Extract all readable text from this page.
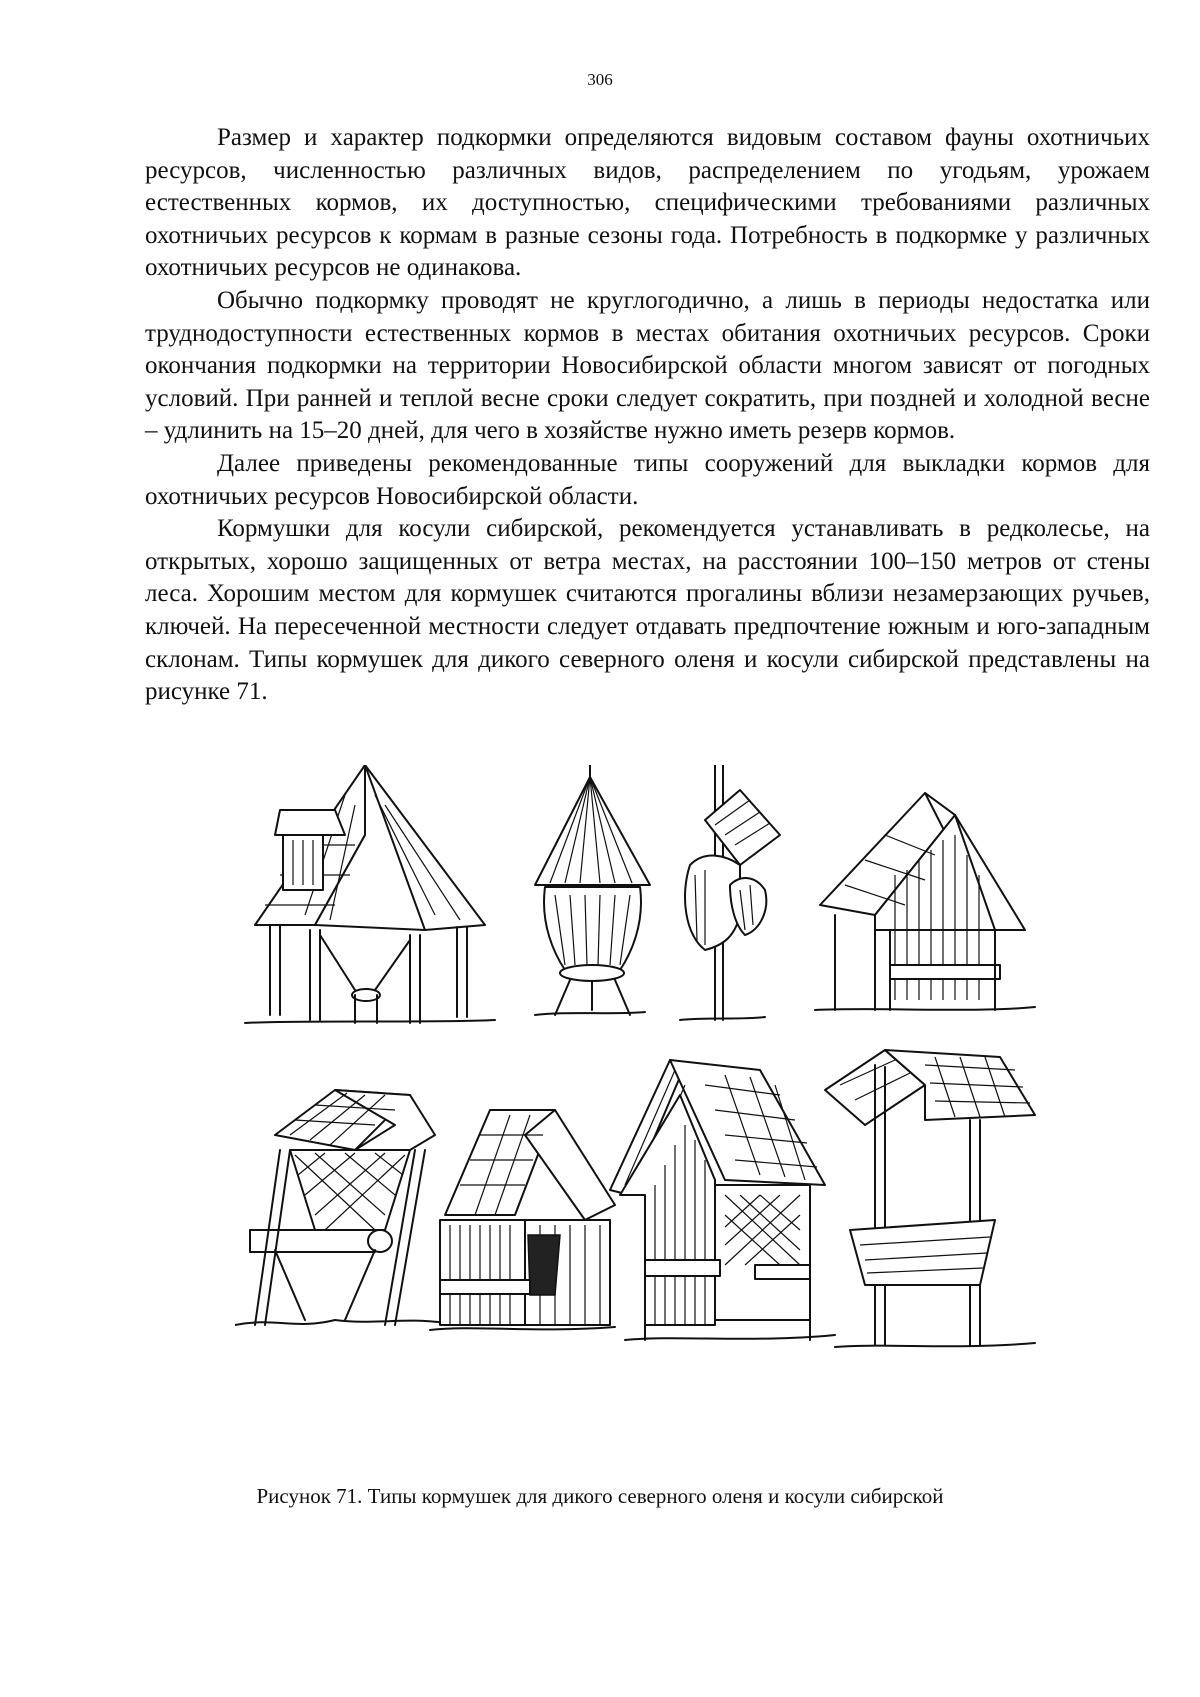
306

Размер и характер подкормки определяются видовым составом фауны охотничьих ресурсов, численностью различных видов, распределением по угодьям, урожаем естественных кормов, их доступностью, специфическими требованиями различных охотничьих ресурсов к кормам в разные сезоны года. Потребность в подкормке у различных охотничьих ресурсов не одинакова.

Обычно подкормку проводят не круглогодично, а лишь в периоды недостатка или труднодоступности естественных кормов в местах обитания охотничьих ресурсов. Сроки окончания подкормки на территории Новосибирской области многом зависят от погодных условий. При ранней и теплой весне сроки следует сократить, при поздней и холодной весне – удлинить на 15–20 дней, для чего в хозяйстве нужно иметь резерв кормов.

Далее приведены рекомендованные типы сооружений для выкладки кормов для охотничьих ресурсов Новосибирской области.

Кормушки для косули сибирской, рекомендуется устанавливать в редколесье, на открытых, хорошо защищенных от ветра местах, на расстоянии 100–150 метров от стены леса. Хорошим местом для кормушек считаются прогалины вблизи незамерзающих ручьев, ключей. На пересеченной местности следует отдавать предпочтение южным и юго-западным склонам. Типы кормушек для дикого северного оленя и косули сибирской представлены на рисунке 71.

Рисунок 71. Типы кормушек для дикого северного оленя и косули сибирской
